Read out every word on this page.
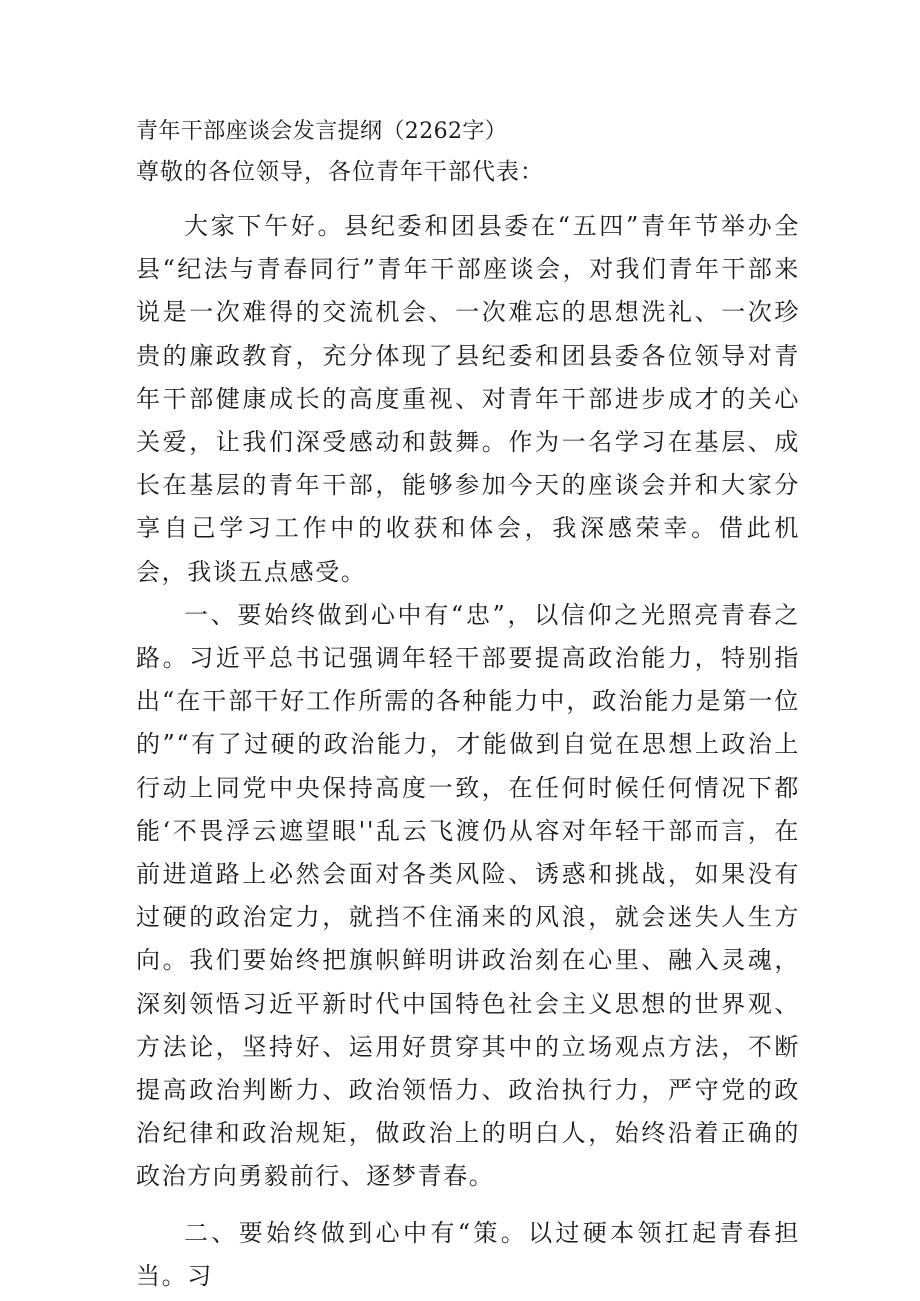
青年干部座谈会发言提纲（2262字）

尊敬的各位领导，各位青年干部代表：

大家下午好。县纪委和团县委在“五四”青年节举办全县“纪法与青春同行”青年干部座谈会，对我们青年干部来说是一次难得的交流机会、一次难忘的思想洗礼、一次珍贵的廉政教育，充分体现了县纪委和团县委各位领导对青年干部健康成长的高度重视、对青年干部进步成才的关心关爱，让我们深受感动和鼓舞。作为一名学习在基层、成长在基层的青年干部，能够参加今天的座谈会并和大家分享自己学习工作中的收获和体会，我深感荣幸。借此机会，我谈五点感受。

一、要始终做到心中有“忠”，以信仰之光照亮青春之路。习近平总书记强调年轻干部要提高政治能力，特别指出“在干部干好工作所需的各种能力中，政治能力是第一位的”“有了过硬的政治能力，才能做到自觉在思想上政治上行动上同党中央保持高度一致，在任何时候任何情况下都能‘不畏浮云遮望眼''乱云飞渡仍从容对年轻干部而言，在前进道路上必然会面对各类风险、诱惑和挑战，如果没有过硬的政治定力，就挡不住涌来的风浪，就会迷失人生方向。我们要始终把旗帜鲜明讲政治刻在心里、融入灵魂，深刻领悟习近平新时代中国特色社会主义思想的世界观、方法论，坚持好、运用好贯穿其中的立场观点方法，不断提高政治判断力、政治领悟力、政治执行力，严守党的政治纪律和政治规矩，做政治上的明白人，始终沿着正确的政治方向勇毅前行、逐梦青春。

二、要始终做到心中有“策。以过硬本领扛起青春担当。习
